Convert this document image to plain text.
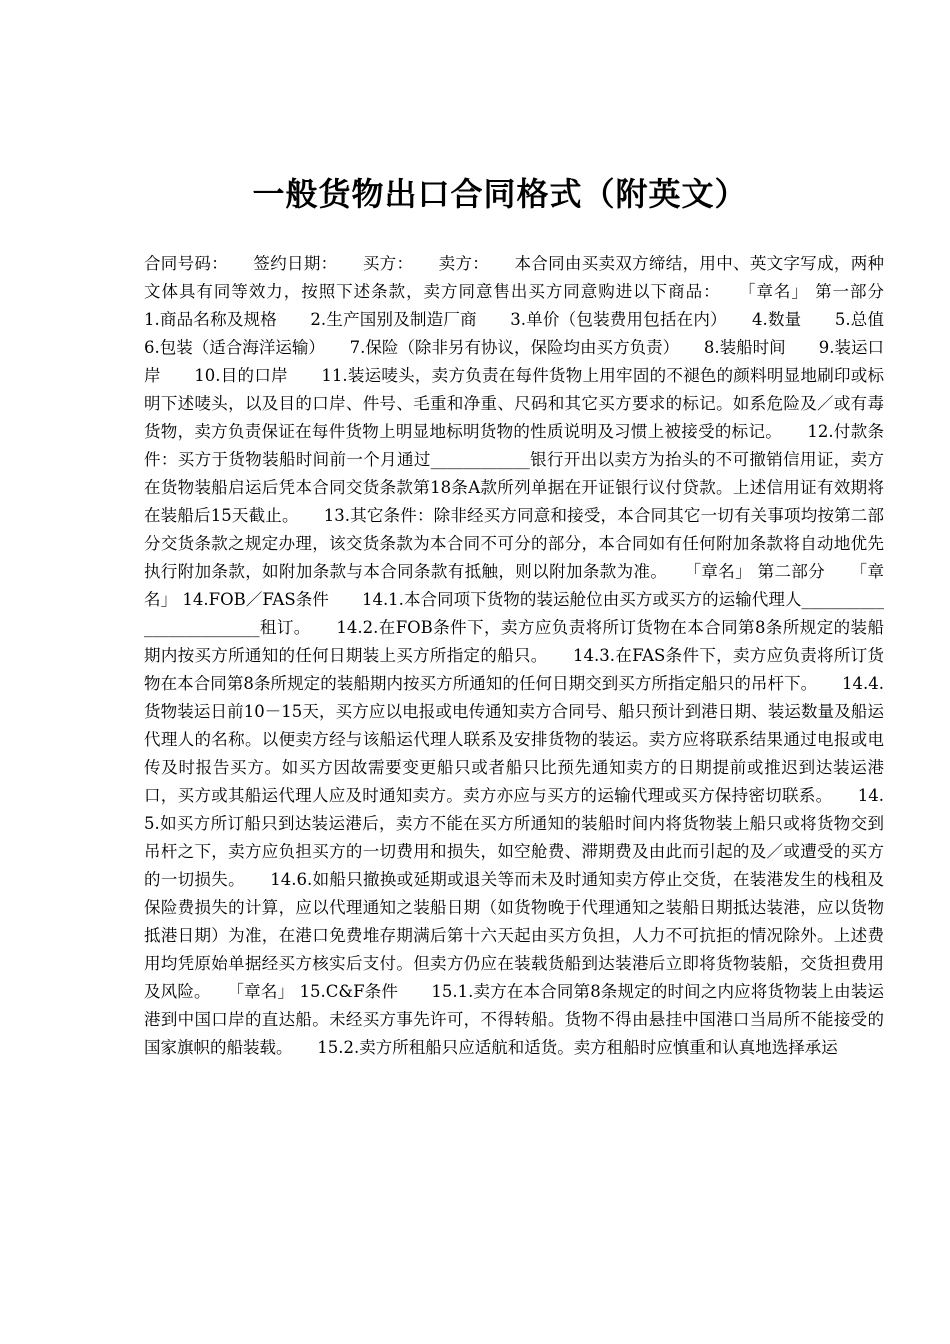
一般货物出口合同格式（附英文）
合同号码：　　签约日期：　　买方：　　卖方：　　本合同由买卖双方缔结，用中、英文字写成，两种文体具有同等效力，按照下述条款，卖方同意售出买方同意购进以下商品：　　「章名」 第一部分　　1.商品名称及规格　　2.生产国别及制造厂商　　3.单价（包装费用包括在内）　　4.数量　　5.总值　　6.包装（适合海洋运输）　　7.保险（除非另有协议，保险均由买方负责）　　8.装船时间　　9.装运口岸　　10.目的口岸　　11.装运唛头，卖方负责在每件货物上用牢固的不褪色的颜料明显地刷印或标明下述唛头，以及目的口岸、件号、毛重和净重、尺码和其它买方要求的标记。如系危险及／或有毒货物，卖方负责保证在每件货物上明显地标明货物的性质说明及习惯上被接受的标记。　　12.付款条件：买方于货物装船时间前一个月通过____________银行开出以卖方为抬头的不可撤销信用证，卖方在货物装船启运后凭本合同交货条款第18条A款所列单据在开证银行议付贷款。上述信用证有效期将在装船后15天截止。　　13.其它条件：除非经买方同意和接受，本合同其它一切有关事项均按第二部分交货条款之规定办理，该交货条款为本合同不可分的部分，本合同如有任何附加条款将自动地优先执行附加条款，如附加条款与本合同条款有抵触，则以附加条款为准。　　「章名」 第二部分　　「章名」 14.FOB／FAS条件　　14.1.本合同项下货物的装运舱位由买方或买方的运输代理人________________________租订。　　14.2.在FOB条件下，卖方应负责将所订货物在本合同第8条所规定的装船期内按买方所通知的任何日期装上买方所指定的船只。　　14.3.在FAS条件下，卖方应负责将所订货物在本合同第8条所规定的装船期内按买方所通知的任何日期交到买方所指定船只的吊杆下。　　14.4.货物装运日前10－15天，买方应以电报或电传通知卖方合同号、船只预计到港日期、装运数量及船运代理人的名称。以便卖方经与该船运代理人联系及安排货物的装运。卖方应将联系结果通过电报或电传及时报告买方。如买方因故需要变更船只或者船只比预先通知卖方的日期提前或推迟到达装运港口，买方或其船运代理人应及时通知卖方。卖方亦应与买方的运输代理或买方保持密切联系。　　14.5.如买方所订船只到达装运港后，卖方不能在买方所通知的装船时间内将货物装上船只或将货物交到吊杆之下，卖方应负担买方的一切费用和损失，如空舱费、滞期费及由此而引起的及／或遭受的买方的一切损失。　　14.6.如船只撤换或延期或退关等而未及时通知卖方停止交货，在装港发生的栈租及保险费损失的计算，应以代理通知之装船日期（如货物晚于代理通知之装船日期抵达装港，应以货物抵港日期）为准，在港口免费堆存期满后第十六天起由买方负担，人力不可抗拒的情况除外。上述费用均凭原始单据经买方核实后支付。但卖方仍应在装载货船到达装港后立即将货物装船，交货担费用及风险。　　「章名」 15.C&F条件　　15.1.卖方在本合同第8条规定的时间之内应将货物装上由装运港到中国口岸的直达船。未经买方事先许可，不得转船。货物不得由悬挂中国港口当局所不能接受的国家旗帜的船装载。　　15.2.卖方所租船只应适航和适货。卖方租船时应慎重和认真地选择承运
